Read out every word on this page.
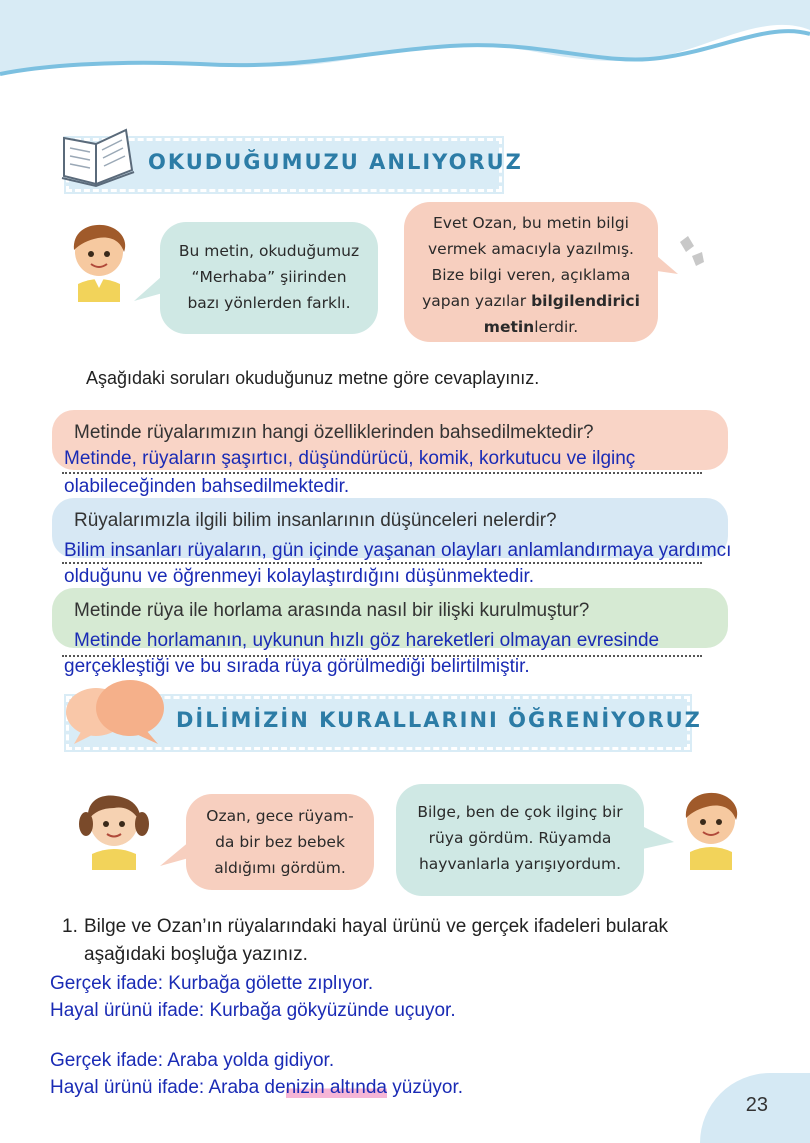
OKUDUĞUMUZU ANLIYORUZ
Bu metin, okuduğumuz
“Merhaba” şiirinden
bazı yönlerden farklı.
Evet Ozan, bu metin bilgi
vermek amacıyla yazılmış.
Bize bilgi veren, açıklama
yapan yazılar bilgilendirici
metinlerdir.
Aşağıdaki soruları okuduğunuz metne göre cevaplayınız.
Metinde rüyalarımızın hangi özelliklerinden bahsedilmektedir?
Metinde, rüyaların şaşırtıcı, düşündürücü, komik, korkutucu ve ilginç
olabileceğinden bahsedilmektedir.
Rüyalarımızla ilgili bilim insanlarının düşünceleri nelerdir?
Bilim insanları rüyaların, gün içinde yaşanan olayları anlamlandırmaya yardımcı
olduğunu ve öğrenmeyi kolaylaştırdığını düşünmektedir.
Metinde rüya ile horlama arasında nasıl bir ilişki kurulmuştur?
Metinde horlamanın, uykunun hızlı göz hareketleri olmayan evresinde
gerçekleştiği ve bu sırada rüya görülmediği belirtilmiştir.
DİLİMİZİN KURALLARINI ÖĞRENİYORUZ
Ozan, gece rüyam-
da bir bez bebek
aldığımı gördüm.
Bilge, ben de çok ilginç bir
rüya gördüm. Rüyamda
hayvanlarla yarışıyordum.
1. Bilge ve Ozan’ın rüyalarındaki hayal ürünü ve gerçek ifadeleri bularak
aşağıdaki boşluğa yazınız.
Gerçek ifade: Kurbağa gölette zıplıyor.
Hayal ürünü ifade: Kurbağa gökyüzünde uçuyor.
Gerçek ifade: Araba yolda gidiyor.
Hayal ürünü ifade: Araba denizin altında yüzüyor.
23
